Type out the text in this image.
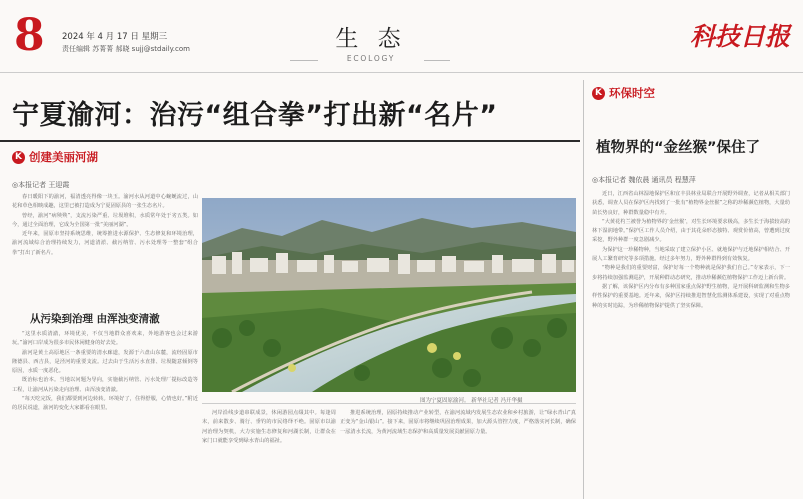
8 2024 年 4 月 17 日 星期三
责任编辑 苏菁菁 郝晓 sujj@stdaily.com	生 态
ECOLOGY
科技日报
宁夏渝河：治污“组合拳”打出新“名片”
K 创建美丽河湖
◎本报记者 王迎霞

春日暖阳下的渝河，福清透亮得像一块玉。渝河水从河道中心蜿蜒流过，山花和草色相映成趣，这里已被打造成为宁夏固原县的一张生态名片。

曾经，渝河“病殃殃”，支流污染严重、垃圾堆积，水质常年处于劣五类。如今，通过全面治理，它成为全国第一批“美丽河湖”。

近年来，固原市坚持系统思维，统筹推进水源保护、生态修复和环境治理，渝河流域综合治理持续发力，河道清淤、截污纳管、污水处理等一整套“组合拳”打出了新名片。

从污染到治理 由浑浊变清澈

“这里水质清澈，环境优美，不仅当地群众喜欢来，外地游客也会过来游玩。”渝河口岸成为很多市民休闲健身的好去处。

渝河是黄土高原地区一条重要的清水廊道，发源于六盘山东麓，流经固原市隆德县、西吉县，是泾河的重要支流。过去由于生活污水直排、垃圾随意倾倒等原因，水质一度恶化。

既治标也治本。当地以问题为导向，实施截污纳管、污水处理厂提标改造等工程，让渝河从污染走向治理、由浑浊变清澈。

“每天吃完饭，我们都要到河边转转。环境好了，住得舒服，心情也好。”附近的居民说道，渝河的变化大家都看在眼里。

图为宁夏固原渝河。 新华社记者 冯开华摄

河岸沿线步道串联成景，休闲游园点缀其中。每逢周末，前来散步、骑行、垂钓的市民络绎不绝。固原市以渝河治理为契机，大力实施生态修复和河湖长制，让群众在家门口就能享受到绿水青山的福祉。

推进系统治理，固原持续推动产业转型，在渝河流域内发展生态农业和乡村旅游，让“绿水青山”真正变为“金山银山”。接下来，固原市将继续巩固治理成果，加大源头管控力度，严格落实河长制，确保一泓清水长流，为黄河流域生态保护和高质量发展贡献固原力量。

K 环保时空
植物界的“金丝猴”保住了
◎本报记者 魏依晨 通讯员 程慧萍

近日，江西省山林湿地保护区和宜丰县林业局联合开展野外调查，记者从相关部门获悉，调查人员在保护区内找到了一批有“植物界金丝猴”之称的珍稀濒危植物，大量幼苗长势良好，种群数量稳中有升。

“大黄花杓兰被誉为植物界的‘金丝猴’，对生长环境要求极高，多生长于海拔较高的林下湿润地带。”保护区工作人员介绍，由于其花朵形态独特、观赏价值高，曾遭到过度采挖，野外种群一度急剧减少。

为保护这一珍稀物种，当地采取了建立保护小区、就地保护与迁地保护相结合、开展人工繁育研究等多项措施。经过多年努力，野外种群得到有效恢复。

“物种是我们的重要财富，保护好每一个物种就是保护我们自己。”专家表示，下一步将持续加强监测巡护，开展种群动态研究，推动珍稀濒危植物保护工作迈上新台阶。

据了解，该保护区内分布有多种国家重点保护野生植物，是开展科研监测和生物多样性保护的重要基地。近年来，保护区持续推进智慧化监测体系建设，实现了对重点物种的实时追踪，为珍稀植物保护提供了坚实保障。
